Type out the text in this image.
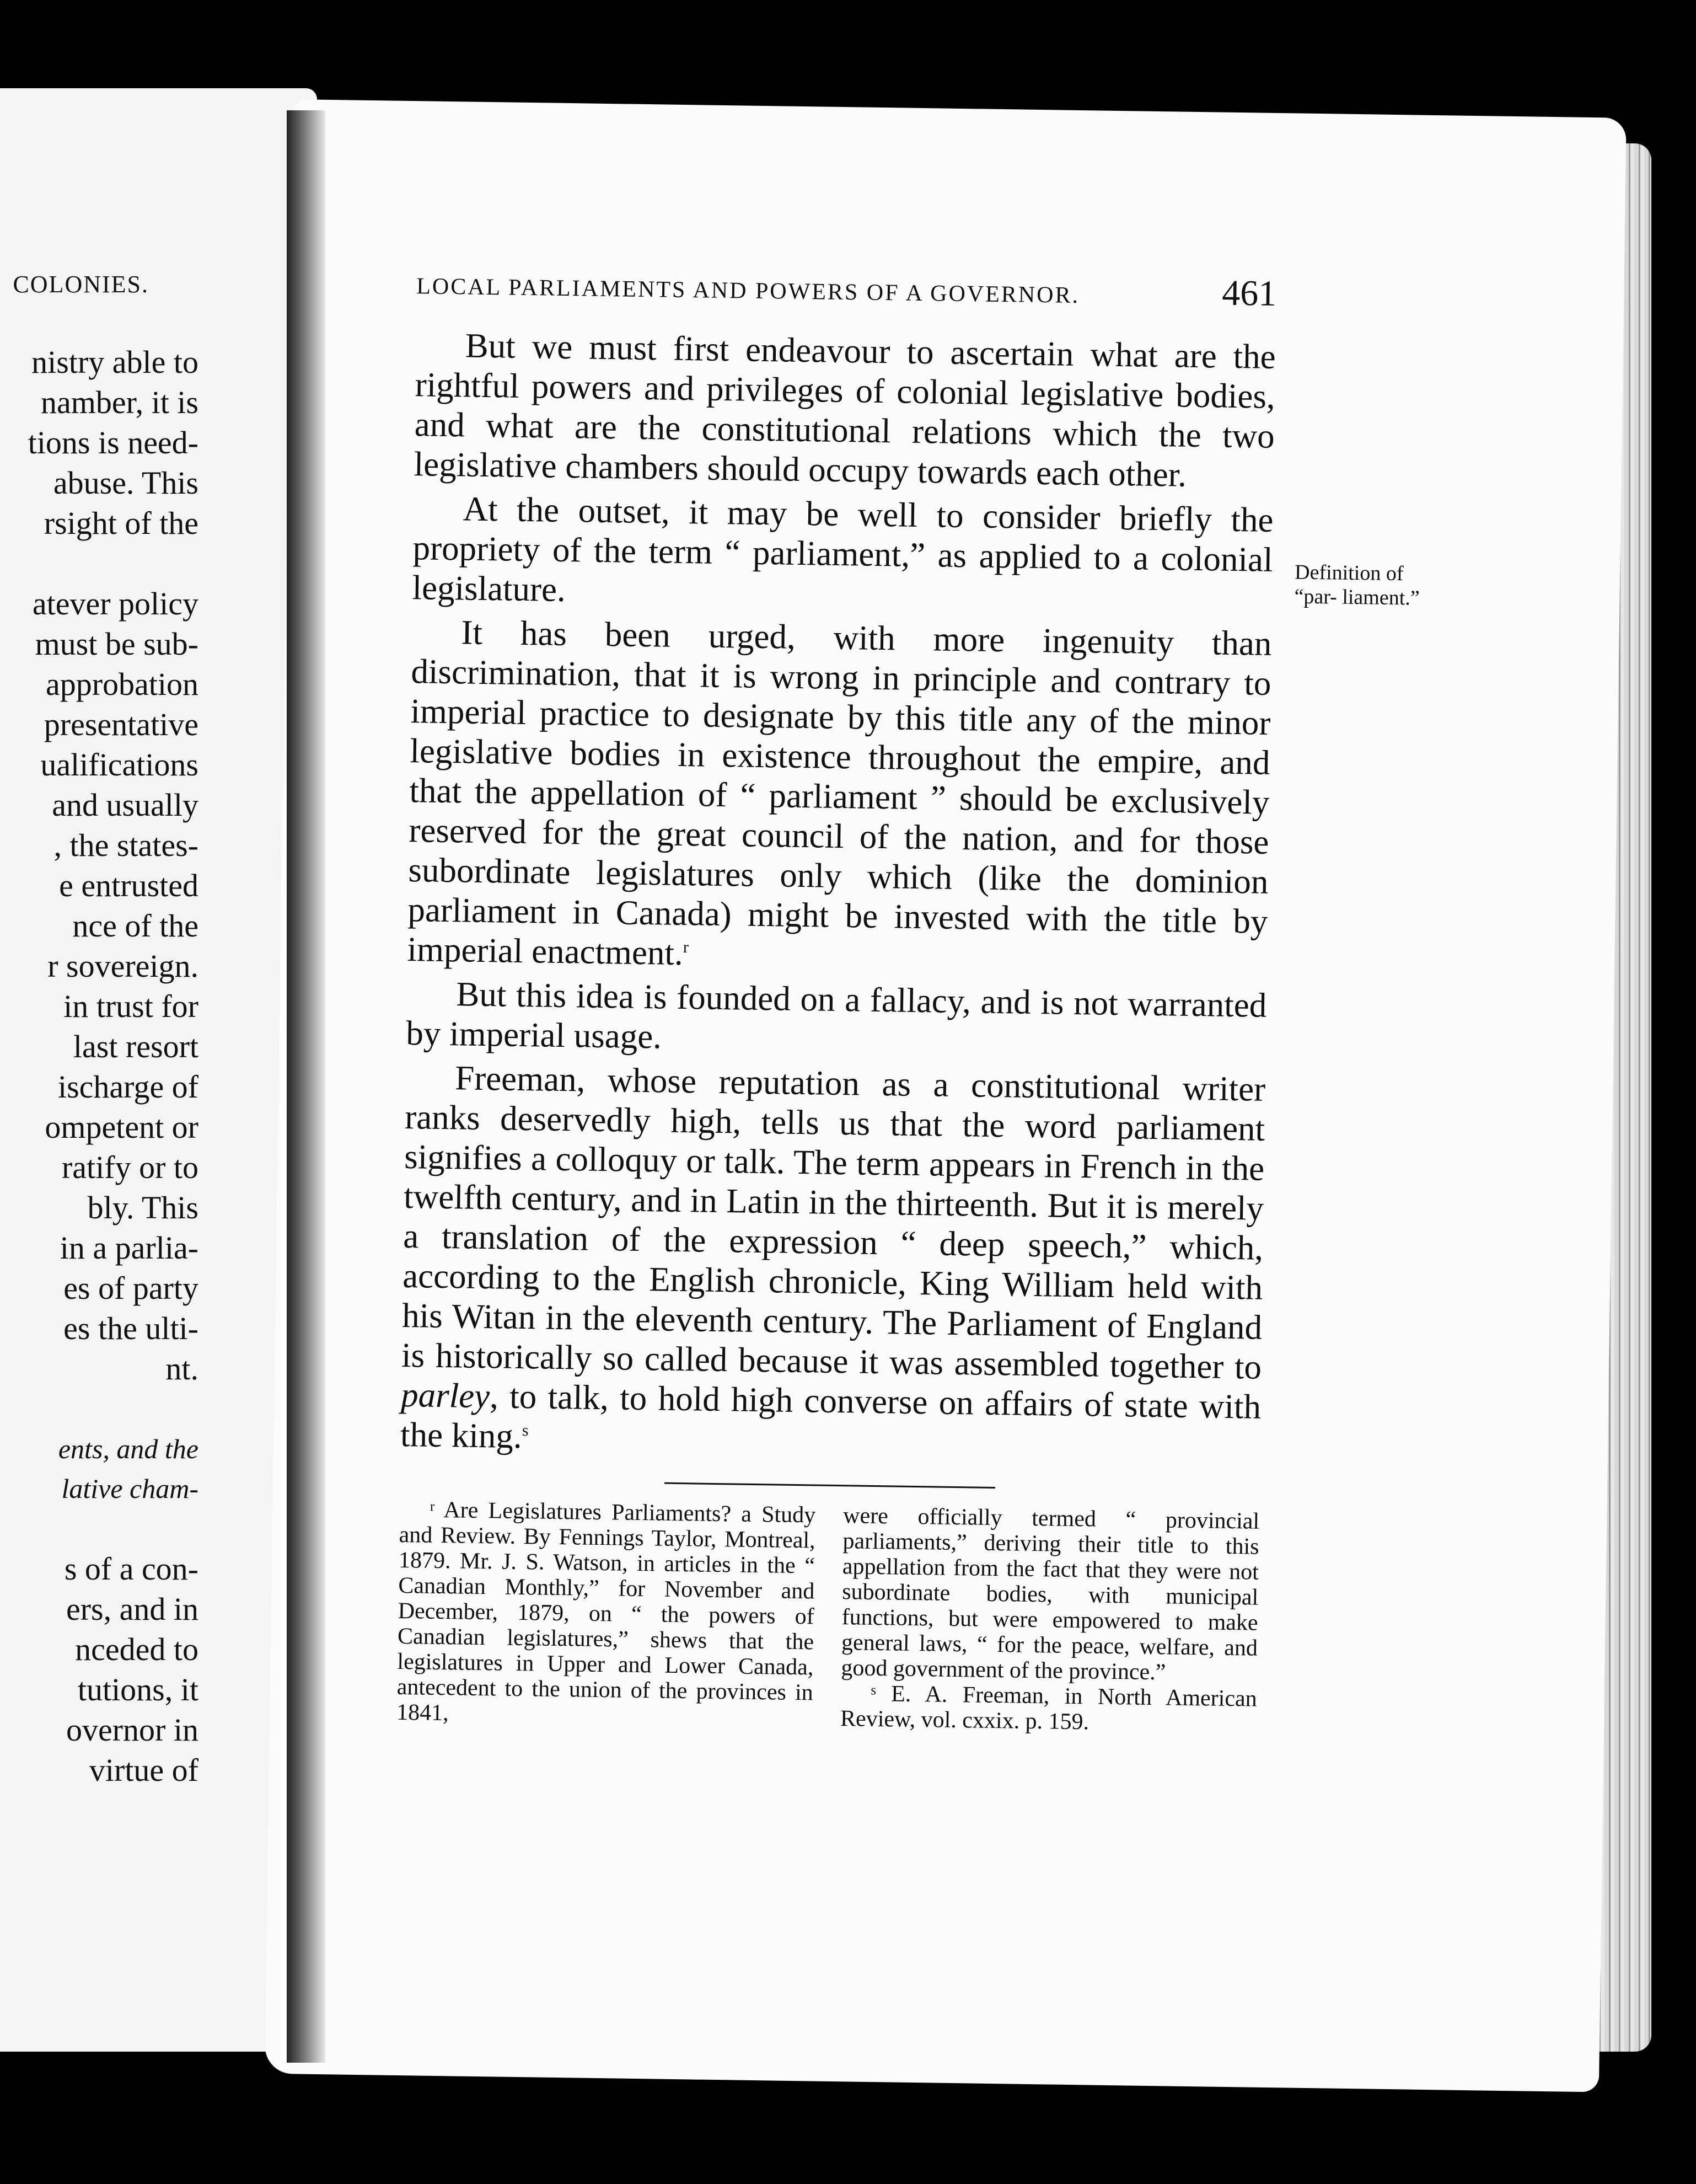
COLONIES.
nistry able to
namber, it is
tions is need-
abuse. This
rsight of the
atever policy
must be sub-
approbation
presentative
ualifications
and usually
, the states-
e entrusted
nce of the
r sovereign.
in trust for
last resort
ischarge of
ompetent or
ratify or to
bly. This
in a parlia-
es of party
es the ulti-
nt.
ents, and the
lative cham-
s of a con-
ers, and in
nceded to
tutions, it
overnor in
virtue of
LOCAL PARLIAMENTS AND POWERS OF A GOVERNOR.	461

But we must first endeavour to ascertain what are the rightful powers and privileges of colonial legislative bodies, and what are the constitutional relations which the two legislative chambers should occupy towards each other.

At the outset, it may be well to consider briefly the propriety of the term “ parliament,” as applied to a colonial legislature.

It has been urged, with more ingenuity than discrimination, that it is wrong in principle and contrary to imperial practice to designate by this title any of the minor legislative bodies in existence throughout the empire, and that the appellation of “ parliament ” should be exclusively reserved for the great council of the nation, and for those subordinate legislatures only which (like the dominion parliament in Canada) might be invested with the title by imperial enactment.$^r$

But this idea is founded on a fallacy, and is not warranted by imperial usage.

Freeman, whose reputation as a constitutional writer ranks deservedly high, tells us that the word parliament signifies a colloquy or talk. The term appears in French in the twelfth century, and in Latin in the thirteenth. But it is merely a translation of the expression “ deep speech,” which, according to the English chronicle, King William held with his Witan in the eleventh century. The Parliament of England is historically so called because it was assembled together to parley, to talk, to hold high converse on affairs of state with the king.$^s$

ʳ Are Legislatures Parliaments? a Study and Review. By Fennings Taylor, Montreal, 1879. Mr. J. S. Watson, in articles in the “ Canadian Monthly,” for November and December, 1879, on “ the powers of Canadian legislatures,” shews that the legislatures in Upper and Lower Canada, antecedent to the union of the provinces in 1841,

were officially termed “ provincial parliaments,” deriving their title to this appellation from the fact that they were not subordinate bodies, with municipal functions, but were empowered to make general laws, “ for the peace, welfare, and good government of the province.”

ˢ E. A. Freeman, in North American Review, vol. cxxix. p. 159.

Definition of “par- liament.”
